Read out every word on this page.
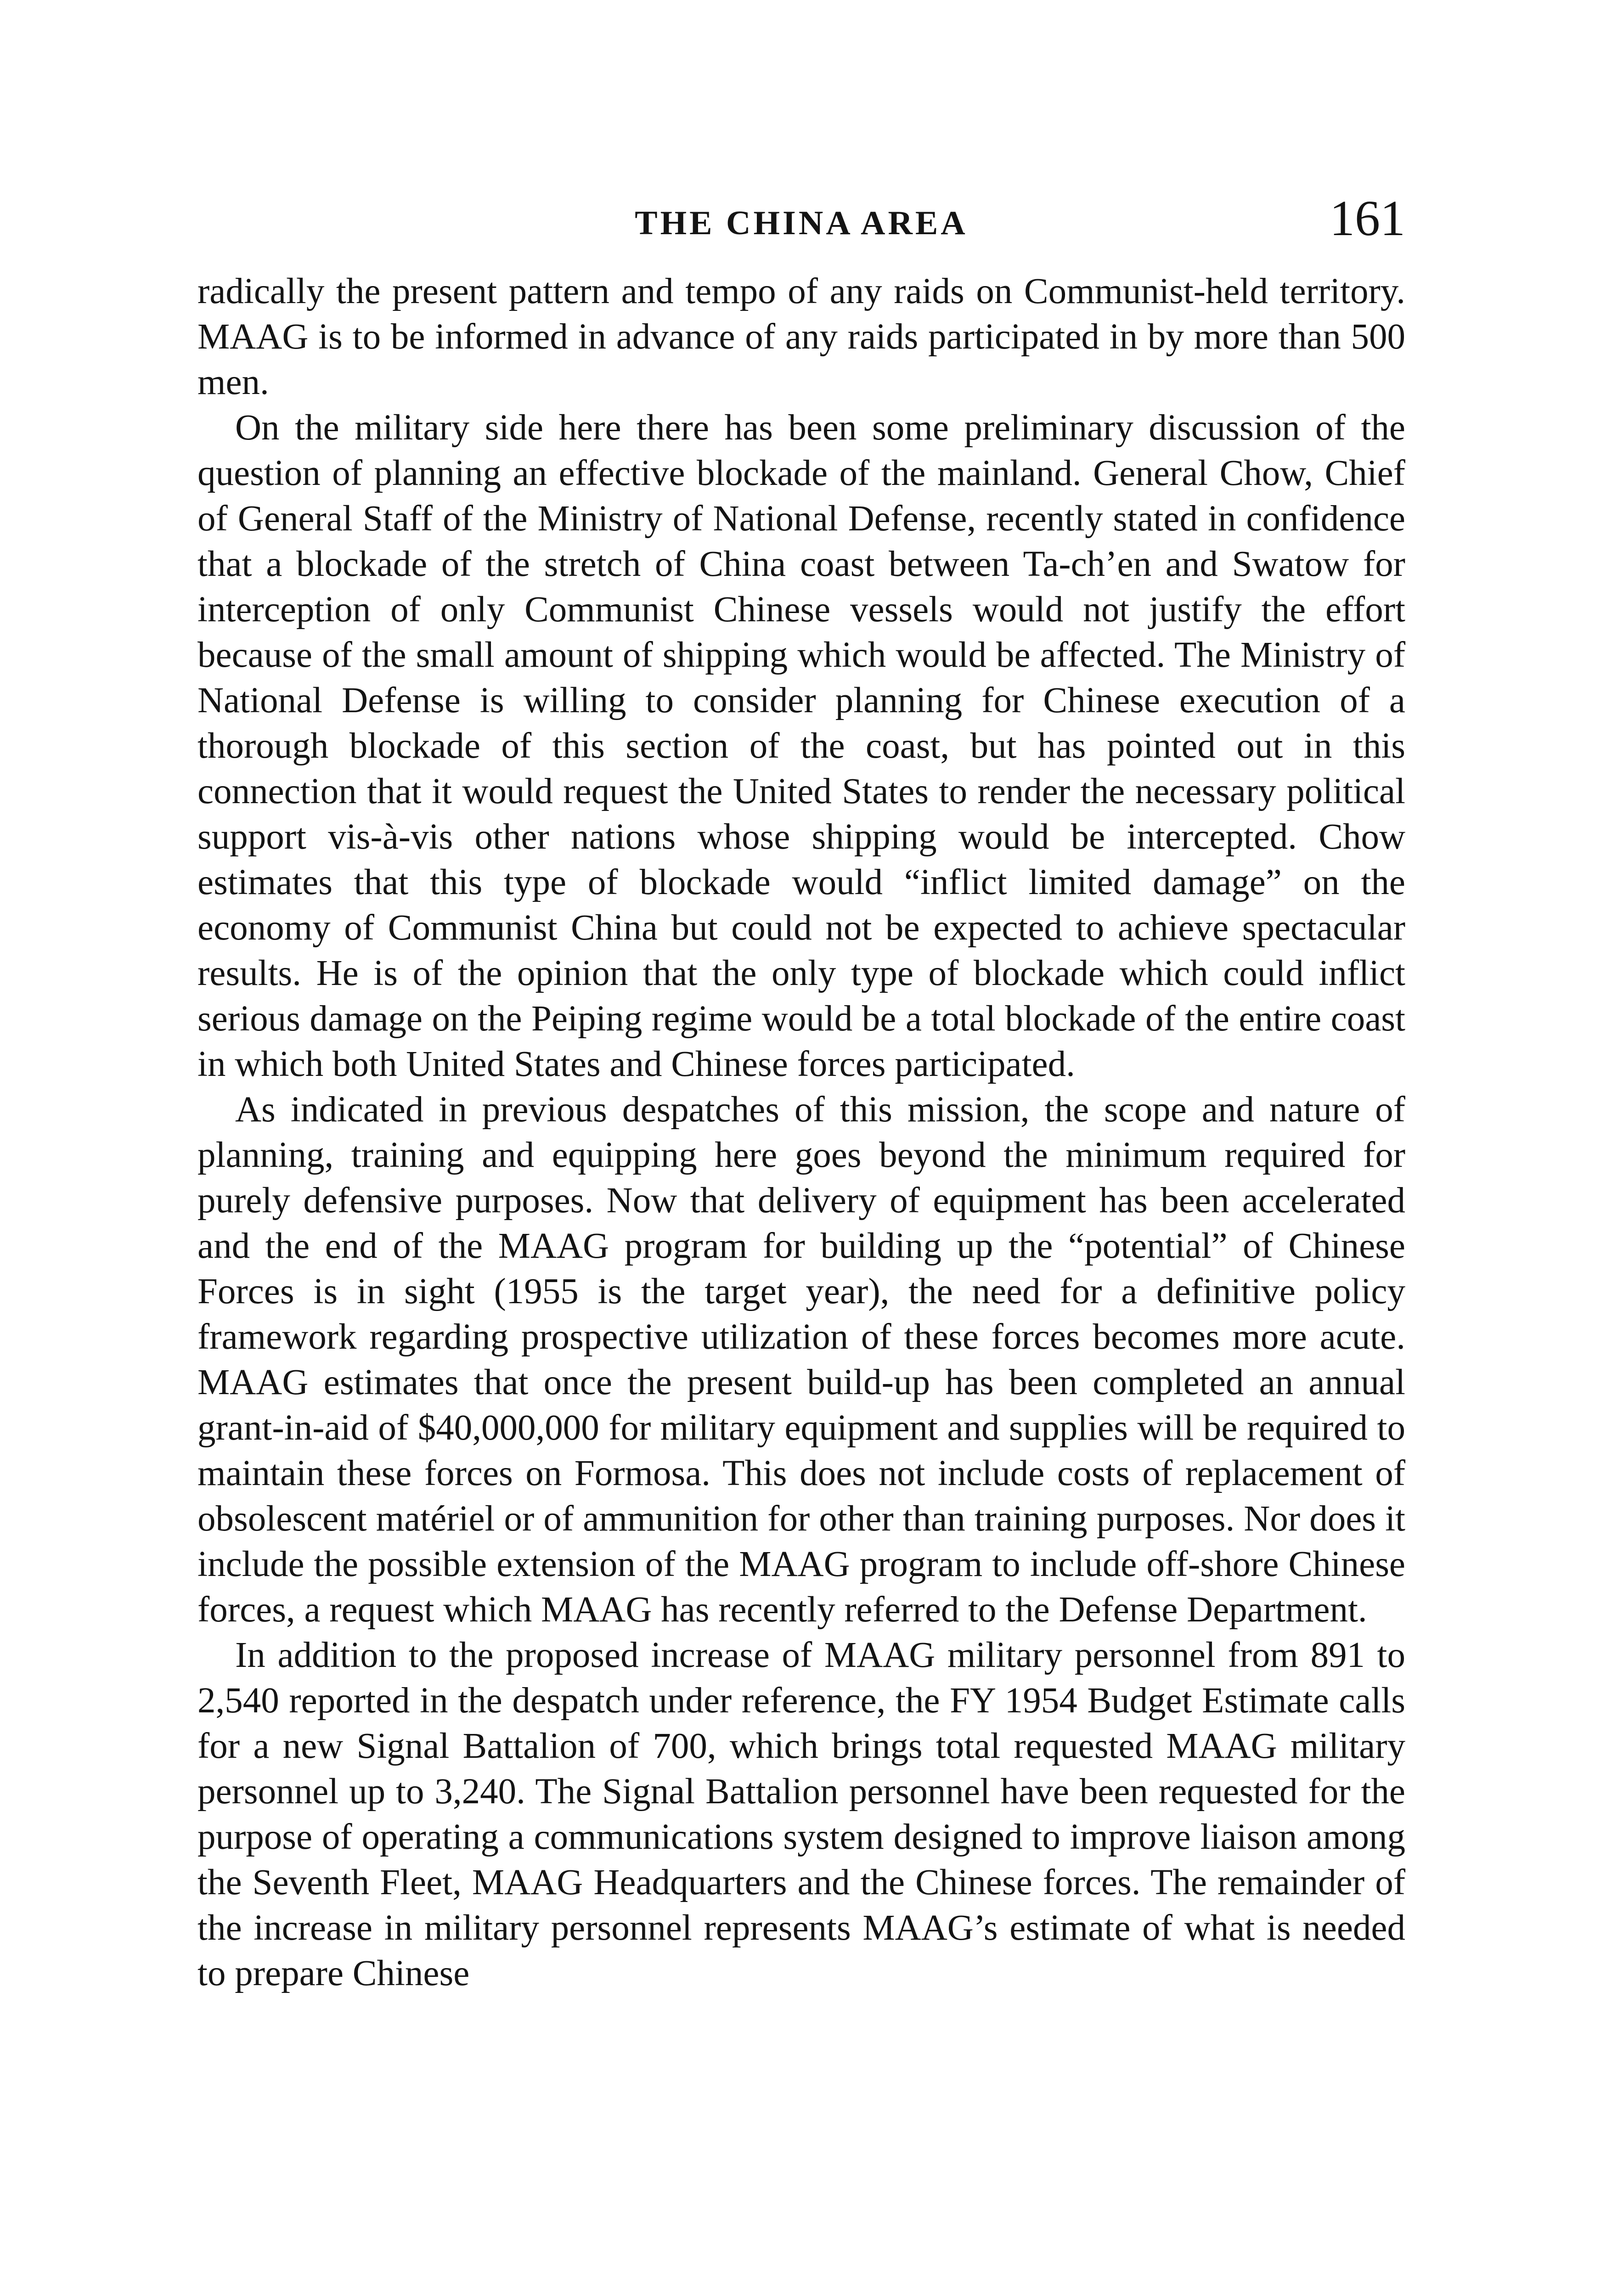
THE CHINA AREA	161

radically the present pattern and tempo of any raids on Communist-held territory. MAAG is to be informed in advance of any raids participated in by more than 500 men.

On the military side here there has been some preliminary discussion of the question of planning an effective blockade of the mainland. General Chow, Chief of General Staff of the Ministry of National Defense, recently stated in confidence that a blockade of the stretch of China coast between Ta-ch’en and Swatow for interception of only Communist Chinese vessels would not justify the effort because of the small amount of shipping which would be affected. The Ministry of National Defense is willing to consider planning for Chinese execution of a thorough blockade of this section of the coast, but has pointed out in this connection that it would request the United States to render the necessary political support vis-à-vis other nations whose shipping would be intercepted. Chow estimates that this type of blockade would “inflict limited damage” on the economy of Communist China but could not be expected to achieve spectacular results. He is of the opinion that the only type of blockade which could inflict serious damage on the Peiping regime would be a total blockade of the entire coast in which both United States and Chinese forces participated.

As indicated in previous despatches of this mission, the scope and nature of planning, training and equipping here goes beyond the minimum required for purely defensive purposes. Now that delivery of equipment has been accelerated and the end of the MAAG program for building up the “potential” of Chinese Forces is in sight (1955 is the target year), the need for a definitive policy framework regarding prospective utilization of these forces becomes more acute. MAAG estimates that once the present build-up has been completed an annual grant-in-aid of $40,000,000 for military equipment and supplies will be required to maintain these forces on Formosa. This does not include costs of replacement of obsolescent matériel or of ammunition for other than training purposes. Nor does it include the possible extension of the MAAG program to include off-shore Chinese forces, a request which MAAG has recently referred to the Defense Department.

In addition to the proposed increase of MAAG military personnel from 891 to 2,540 reported in the despatch under reference, the FY 1954 Budget Estimate calls for a new Signal Battalion of 700, which brings total requested MAAG military personnel up to 3,240. The Signal Battalion personnel have been requested for the purpose of operating a communications system designed to improve liaison among the Seventh Fleet, MAAG Headquarters and the Chinese forces. The remainder of the increase in military personnel represents MAAG’s estimate of what is needed to prepare Chinese
